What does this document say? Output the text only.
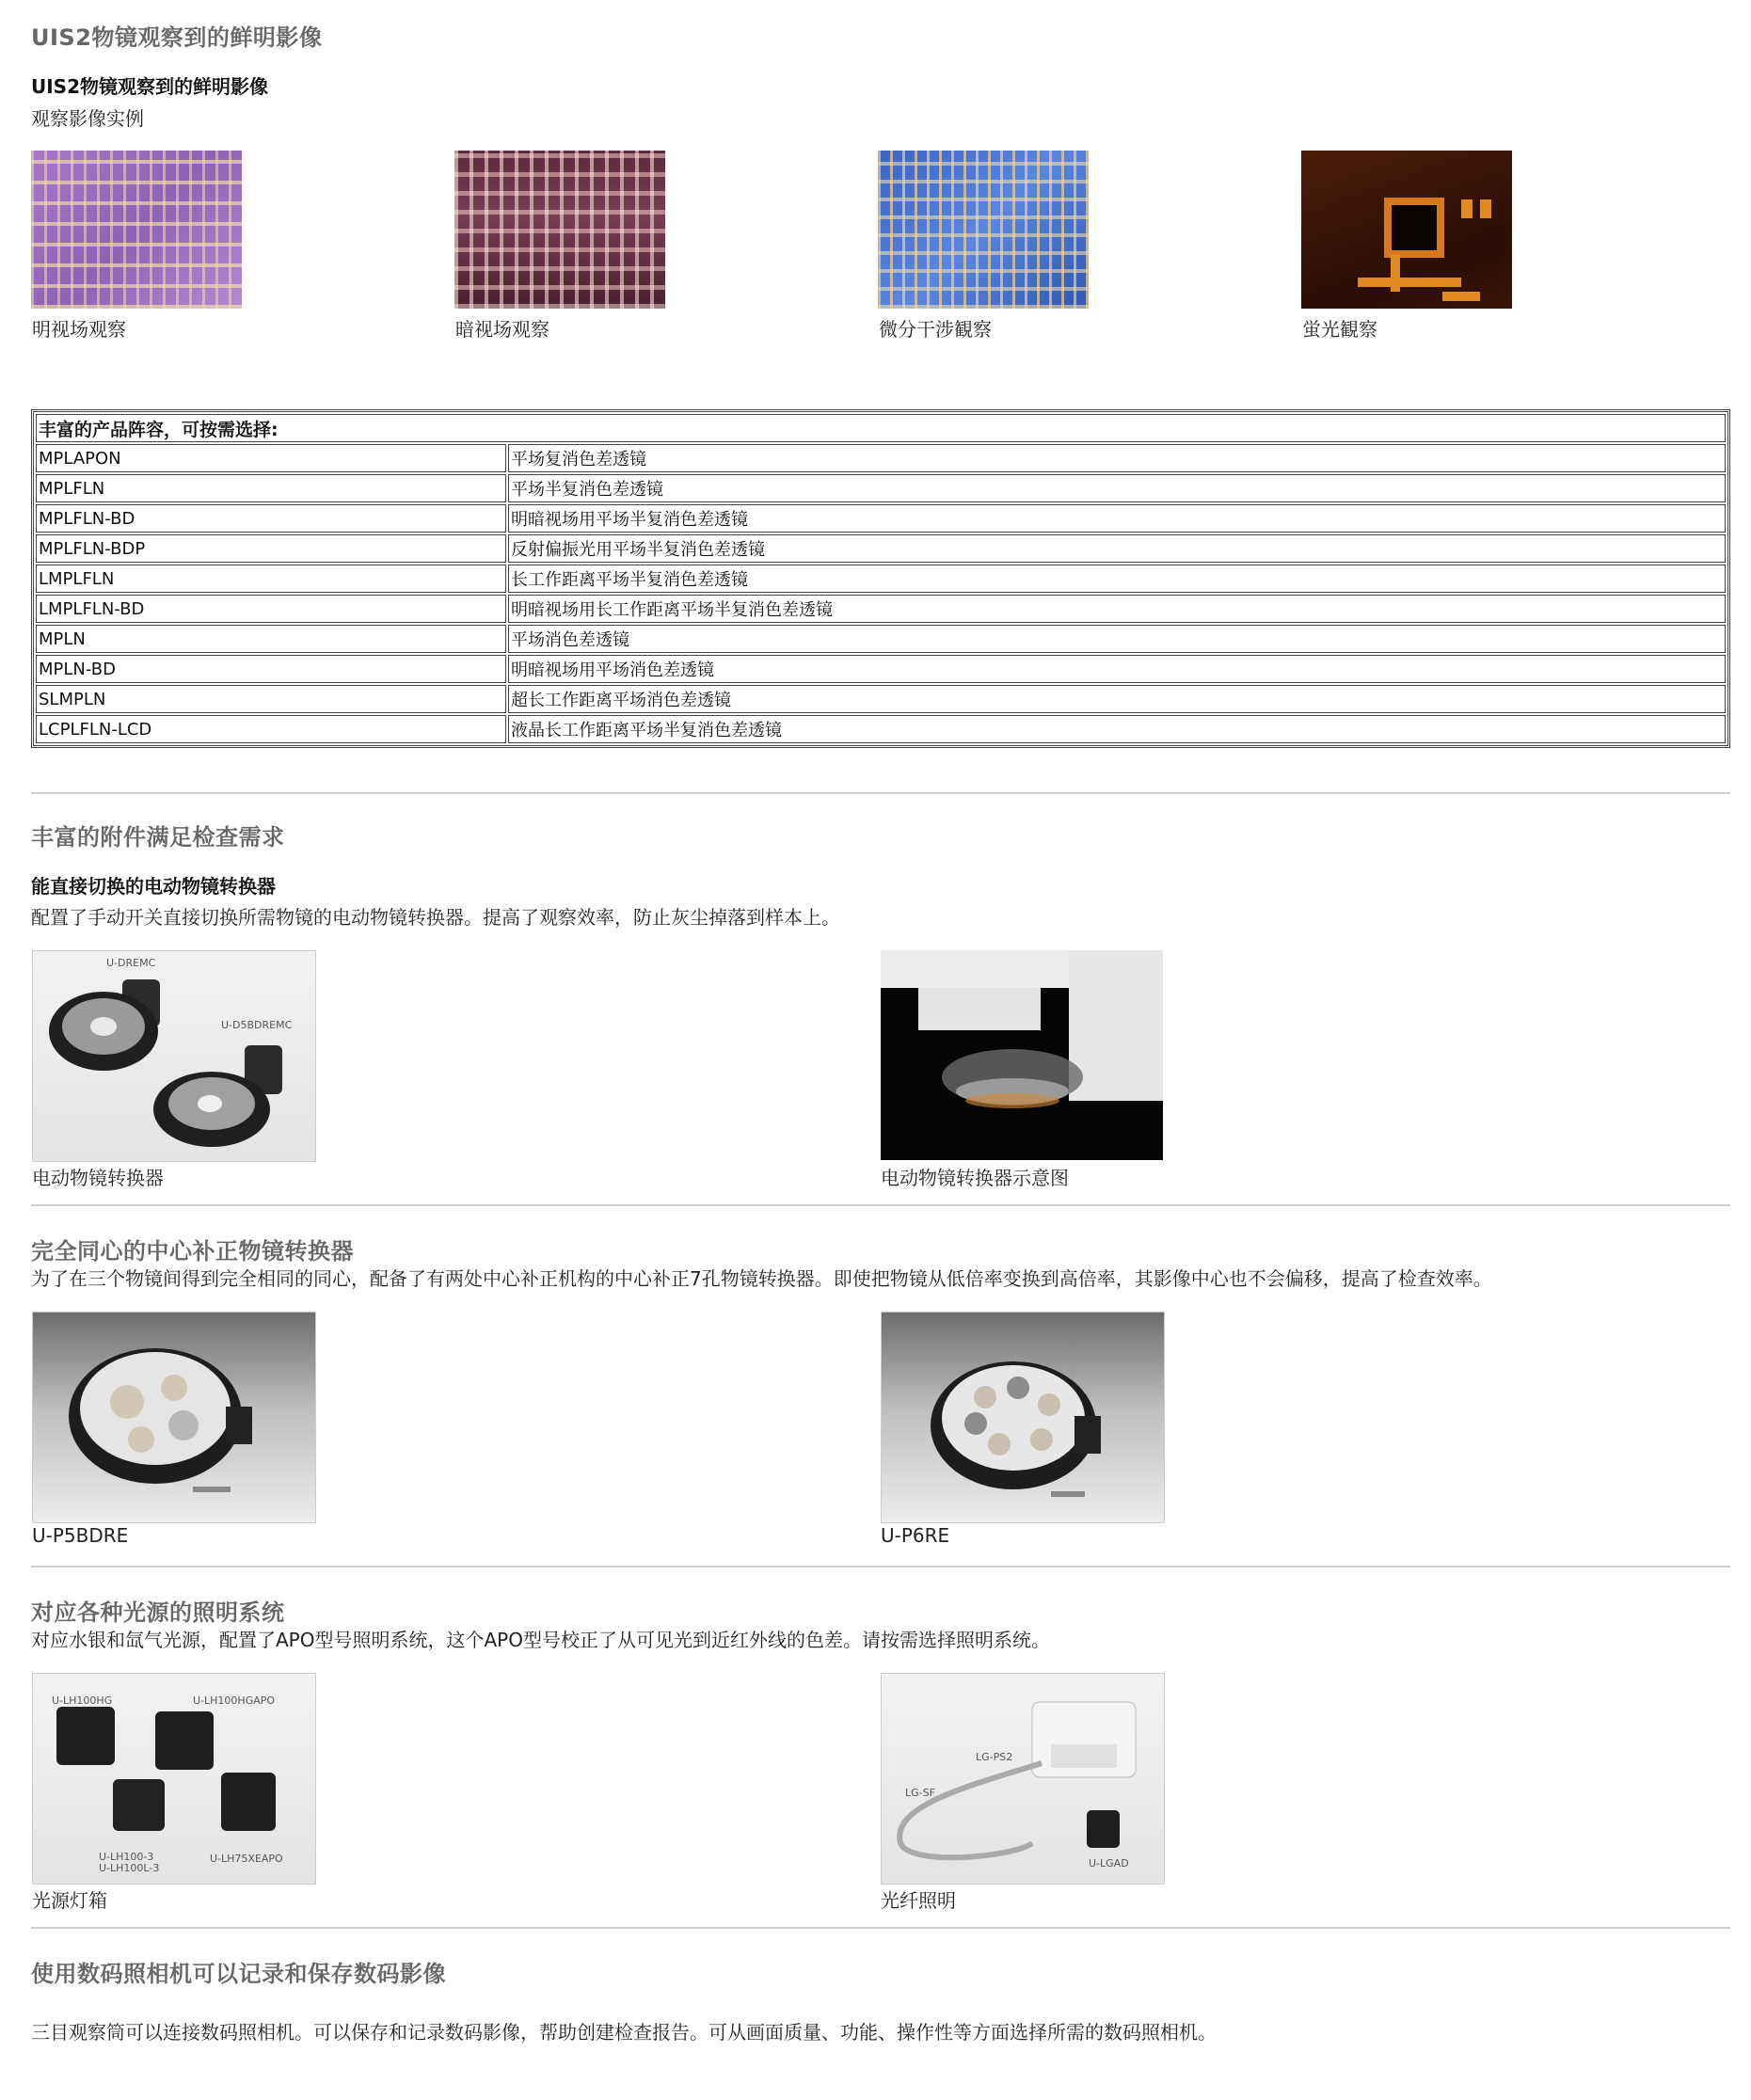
UIS2物镜观察到的鲜明影像
UIS2物镜观察到的鲜明影像
观察影像实例
明视场观察	暗视场观察	微分干涉観察	蛍光観察
丰富的产品阵容，可按需选择:	
MPLAPON	平场复消色差透镜
MPLFLN	平场半复消色差透镜
MPLFLN-BD	明暗视场用平场半复消色差透镜
MPLFLN-BDP	反射偏振光用平场半复消色差透镜
LMPLFLN	长工作距离平场半复消色差透镜
LMPLFLN-BD	明暗视场用长工作距离平场半复消色差透镜
MPLN	平场消色差透镜
MPLN-BD	明暗视场用平场消色差透镜
SLMPLN	超长工作距离平场消色差透镜
LCPLFLN-LCD	液晶长工作距离平场半复消色差透镜
丰富的附件满足检查需求
能直接切换的电动物镜转换器
配置了手动开关直接切换所需物镜的电动物镜转换器。提高了观察效率，防止灰尘掉落到样本上。
U-DREMC
U-D5BDREMC
电动物镜转换器	电动物镜转换器示意图
完全同心的中心补正物镜转换器
为了在三个物镜间得到完全相同的同心，配备了有两处中心补正机构的中心补正7孔物镜转换器。即使把物镜从低倍率变换到高倍率，其影像中心也不会偏移，提高了检查效率。
U-P5BDRE	U-P6RE
对应各种光源的照明系统
对应水银和氙气光源，配置了APO型号照明系统，这个APO型号校正了从可见光到近红外线的色差。请按需选择照明系统。
U-LH100HG	U-LH100HGAPO
U-LH100-3
U-LH100L-3
U-LH75XEAPO
光源灯箱
LG-PS2
LG-SF
U-LGAD
光纤照明
使用数码照相机可以记录和保存数码影像
三目观察筒可以连接数码照相机。可以保存和记录数码影像，帮助创建检查报告。可从画面质量、功能、操作性等方面选择所需的数码照相机。
